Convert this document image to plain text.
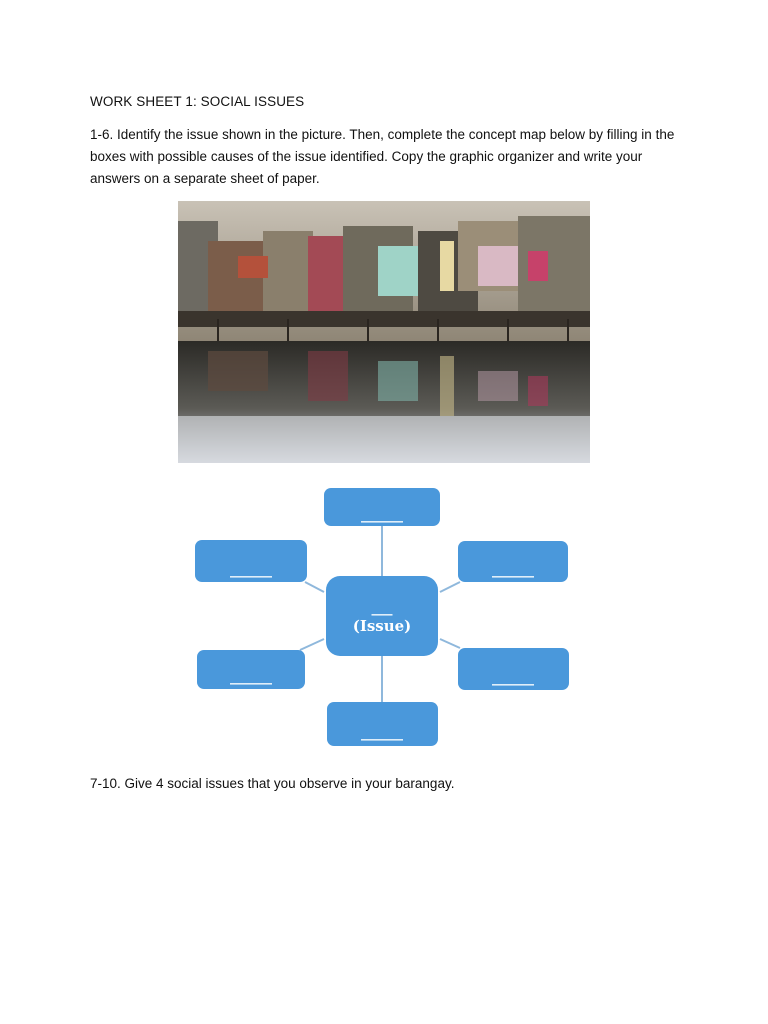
WORK SHEET 1: SOCIAL ISSUES
1-6. Identify the issue shown in the picture. Then, complete the concept map below by filling in the boxes with possible causes of the issue identified. Copy the graphic organizer and write your answers on a separate sheet of paper.
___
(Issue)
______
______	______
______	______
______
7-10. Give 4 social issues that you observe in your barangay.
